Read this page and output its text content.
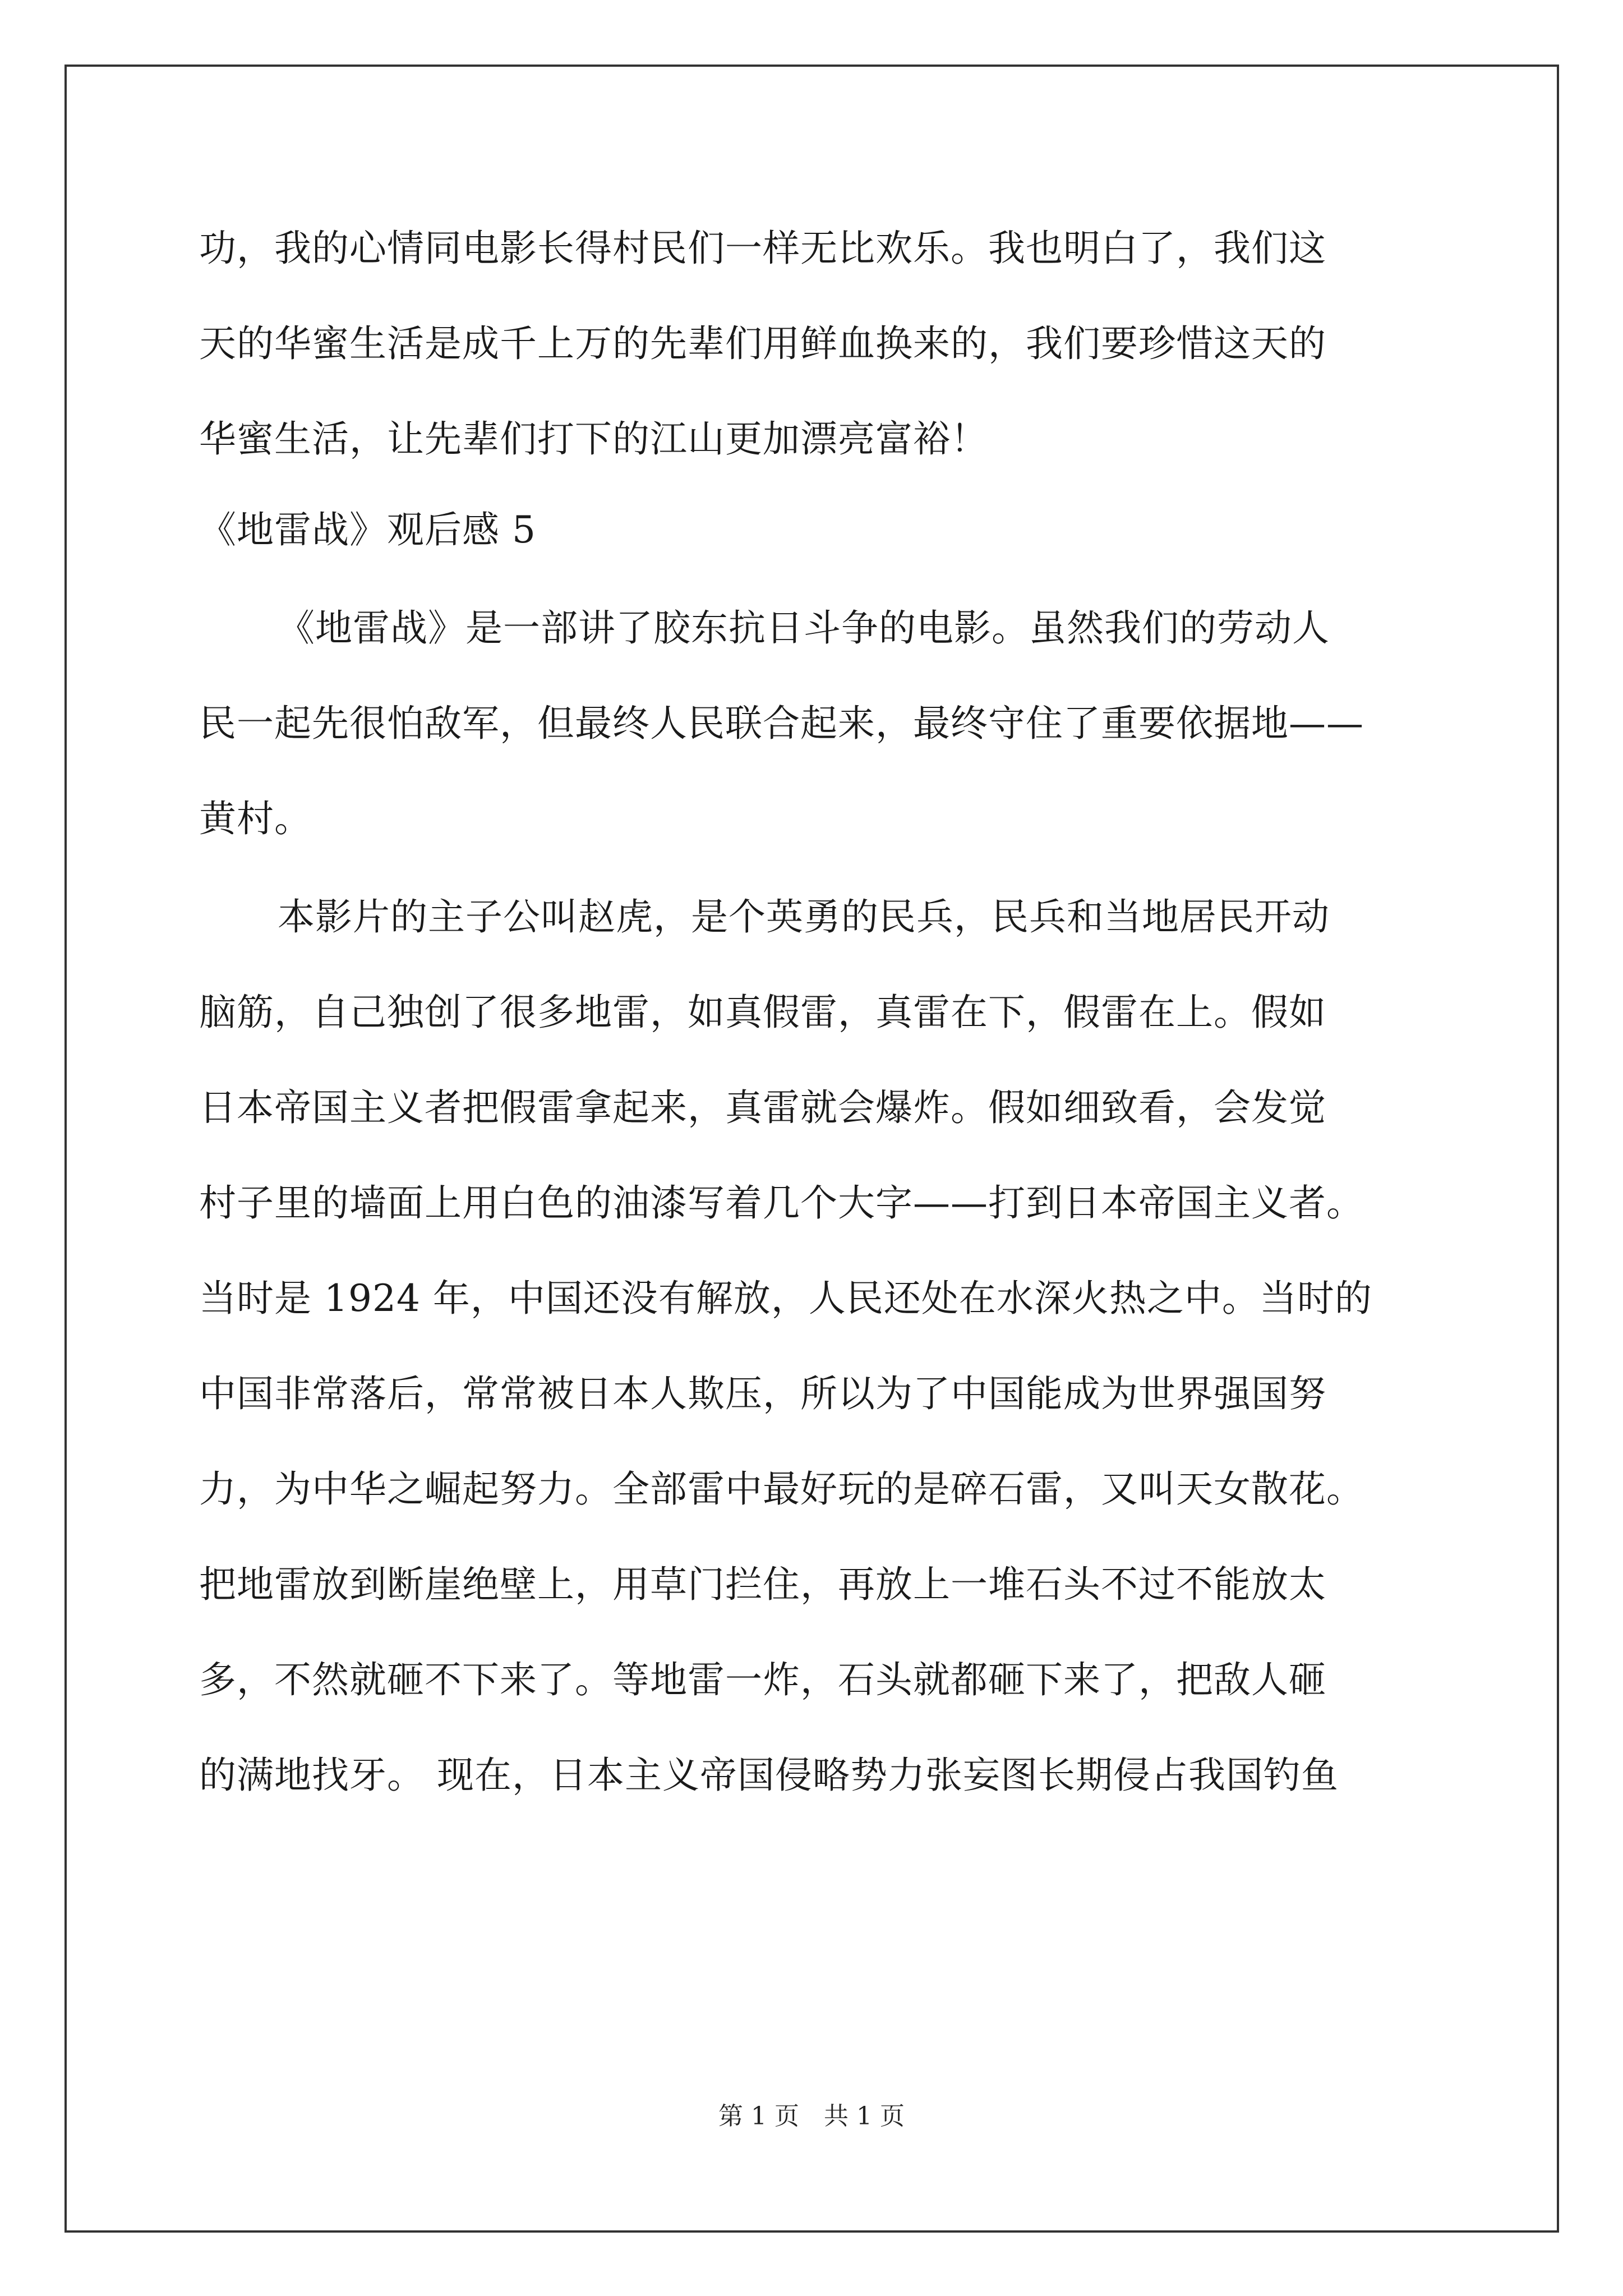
功，我的心情同电影长得村民们一样无比欢乐。我也明白了，我们这
天的华蜜生活是成千上万的先辈们用鲜血换来的，我们要珍惜这天的
华蜜生活，让先辈们打下的江山更加漂亮富裕！
《地雷战》观后感 5
《地雷战》是一部讲了胶东抗日斗争的电影。虽然我们的劳动人
民一起先很怕敌军，但最终人民联合起来，最终守住了重要依据地——
黄村。
本影片的主子公叫赵虎，是个英勇的民兵，民兵和当地居民开动
脑筋，自己独创了很多地雷，如真假雷，真雷在下，假雷在上。假如
日本帝国主义者把假雷拿起来，真雷就会爆炸。假如细致看，会发觉
村子里的墙面上用白色的油漆写着几个大字——打到日本帝国主义者。
当时是 1924 年，中国还没有解放，人民还处在水深火热之中。当时的
中国非常落后，常常被日本人欺压，所以为了中国能成为世界强国努
力，为中华之崛起努力。全部雷中最好玩的是碎石雷，又叫天女散花。
把地雷放到断崖绝壁上，用草门拦住，再放上一堆石头不过不能放太
多，不然就砸不下来了。等地雷一炸，石头就都砸下来了，把敌人砸
的满地找牙。 现在，日本主义帝国侵略势力张妄图长期侵占我国钓鱼
第 1 页　共 1 页
